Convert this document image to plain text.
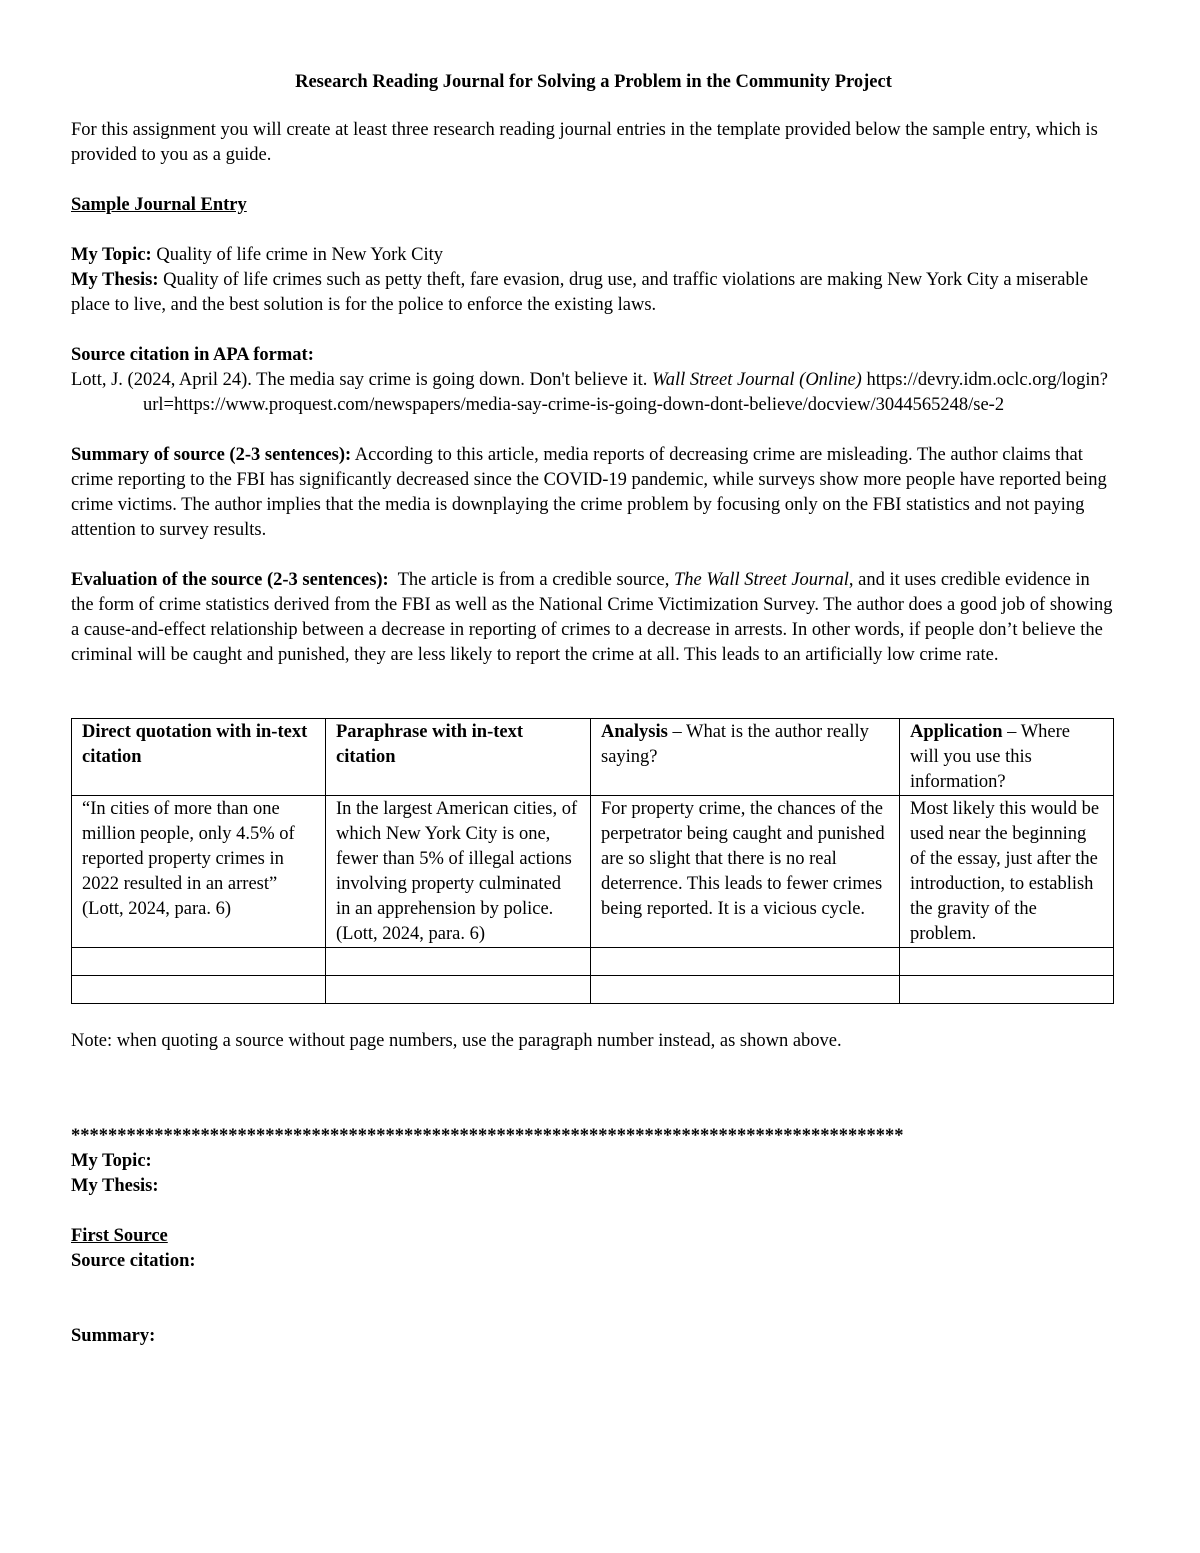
Research Reading Journal for Solving a Problem in the Community Project

For this assignment you will create at least three research reading journal entries in the template provided below the sample entry, which is provided to you as a guide.

Sample Journal Entry

My Topic: Quality of life crime in New York City

My Thesis: Quality of life crimes such as petty theft, fare evasion, drug use, and traffic violations are making New York City a miserable place to live, and the best solution is for the police to enforce the existing laws.

Source citation in APA format:

Lott, J. (2024, April 24). The media say crime is going down. Don't believe it. Wall Street Journal (Online) https://devry.idm.oclc.org/login?url=https://www.proquest.com/newspapers/media-say-crime-is-going-down-dont-believe/docview/3044565248/se-2

Summary of source (2-3 sentences): According to this article, media reports of decreasing crime are misleading. The author claims that crime reporting to the FBI has significantly decreased since the COVID-19 pandemic, while surveys show more people have reported being crime victims. The author implies that the media is downplaying the crime problem by focusing only on the FBI statistics and not paying attention to survey results.

Evaluation of the source (2-3 sentences):  The article is from a credible source, The Wall Street Journal, and it uses credible evidence in the form of crime statistics derived from the FBI as well as the National Crime Victimization Survey. The author does a good job of showing a cause-and-effect relationship between a decrease in reporting of crimes to a decrease in arrests. In other words, if people don’t believe the criminal will be caught and punished, they are less likely to report the crime at all. This leads to an artificially low crime rate.

Direct quotation with in-text citation	Paraphrase with in-text citation	Analysis – What is the author really saying?	Application – Where will you use this information?
“In cities of more than one million people, only 4.5% of reported property crimes in 2022 resulted in an arrest” (Lott, 2024, para. 6)	In the largest American cities, of which New York City is one, fewer than 5% of illegal actions involving property culminated in an apprehension by police. (Lott, 2024, para. 6)	For property crime, the chances of the perpetrator being caught and punished are so slight that there is no real deterrence. This leads to fewer crimes being reported. It is a vicious cycle.	Most likely this would be used near the beginning of the essay, just after the introduction, to establish the gravity of the problem.

Note: when quoting a source without page numbers, use the paragraph number instead, as shown above.

******************************************************************************************

My Topic:

My Thesis:

First Source

Source citation:

Summary:
